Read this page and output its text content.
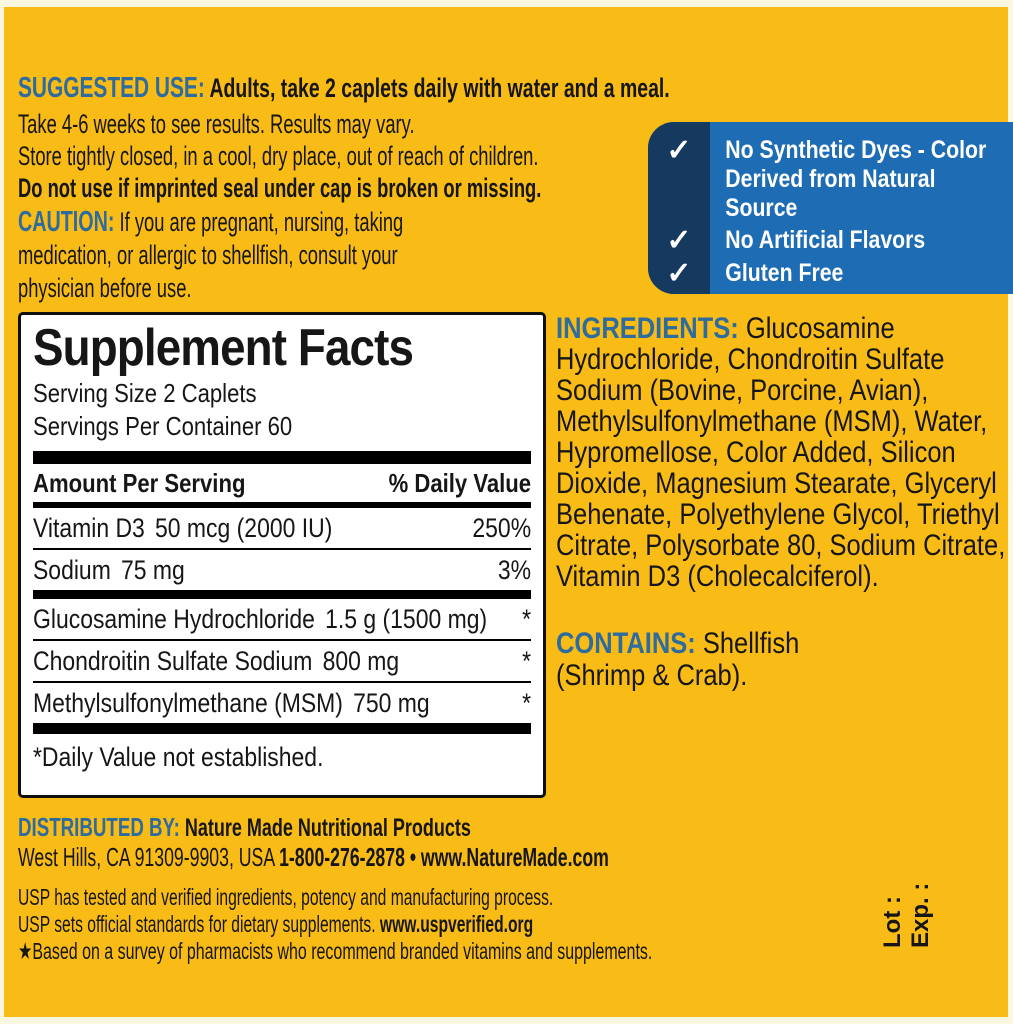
SUGGESTED USE: Adults, take 2 caplets daily with water and a meal.
Take 4-6 weeks to see results. Results may vary.
Store tightly closed, in a cool, dry place, out of reach of children.
Do not use if imprinted seal under cap is broken or missing.
CAUTION: If you are pregnant, nursing, taking medication, or allergic to shellfish, consult your physician before use.
✓	No Synthetic Dyes - Color Derived from Natural Source
✓	No Artificial Flavors
✓	Gluten Free
Supplement Facts
Serving Size 2 Caplets
Servings Per Container 60
Amount Per Serving	% Daily Value
Vitamin D3 50 mcg (2000 IU)	250%
Sodium 75 mg	3%
Glucosamine Hydrochloride 1.5 g (1500 mg) *
Chondroitin Sulfate Sodium 800 mg	*
Methylsulfonylmethane (MSM) 750 mg	*
*Daily Value not established.
INGREDIENTS: Glucosamine Hydrochloride, Chondroitin Sulfate Sodium (Bovine, Porcine, Avian), Methylsulfonylmethane (MSM), Water, Hypromellose, Color Added, Silicon Dioxide, Magnesium Stearate, Glyceryl Behenate, Polyethylene Glycol, Triethyl Citrate, Polysorbate 80, Sodium Citrate, Vitamin D3 (Cholecalciferol).
CONTAINS: Shellfish (Shrimp & Crab).
DISTRIBUTED BY: Nature Made Nutritional Products
West Hills, CA 91309-9903, USA 1-800-276-2878 • www.NatureMade.com
USP has tested and verified ingredients, potency and manufacturing process.
USP sets official standards for dietary supplements. www.uspverified.org
★Based on a survey of pharmacists who recommend branded vitamins and supplements.
Lot : Exp. :
